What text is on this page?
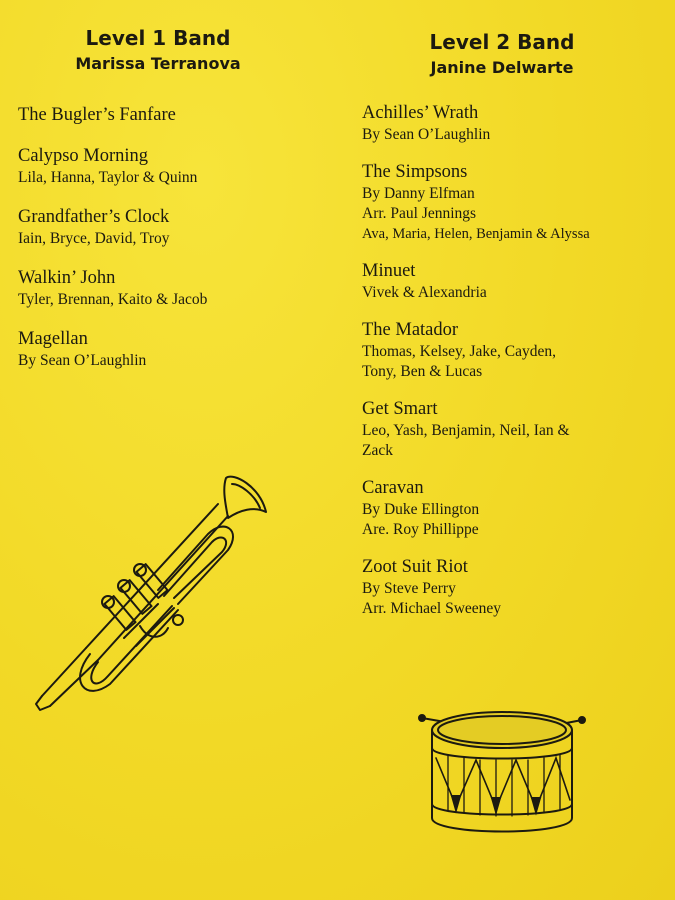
Level 1 Band
Marissa Terranova
The Bugler’s Fanfare
Calypso Morning
Lila, Hanna, Taylor & Quinn
Grandfather’s Clock
Iain, Bryce, David, Troy
Walkin’ John
Tyler, Brennan, Kaito & Jacob
Magellan
By Sean O’Laughlin
Level 2 Band
Janine Delwarte
Achilles’ Wrath
By Sean O’Laughlin
The Simpsons
By Danny Elfman
Arr. Paul Jennings
Ava, Maria, Helen, Benjamin & Alyssa
Minuet
Vivek & Alexandria
The Matador
Thomas, Kelsey, Jake, Cayden,
Tony, Ben & Lucas
Get Smart
Leo, Yash, Benjamin, Neil, Ian &
Zack
Caravan
By Duke Ellington
Are. Roy Phillippe
Zoot Suit Riot
By Steve Perry
Arr. Michael Sweeney
